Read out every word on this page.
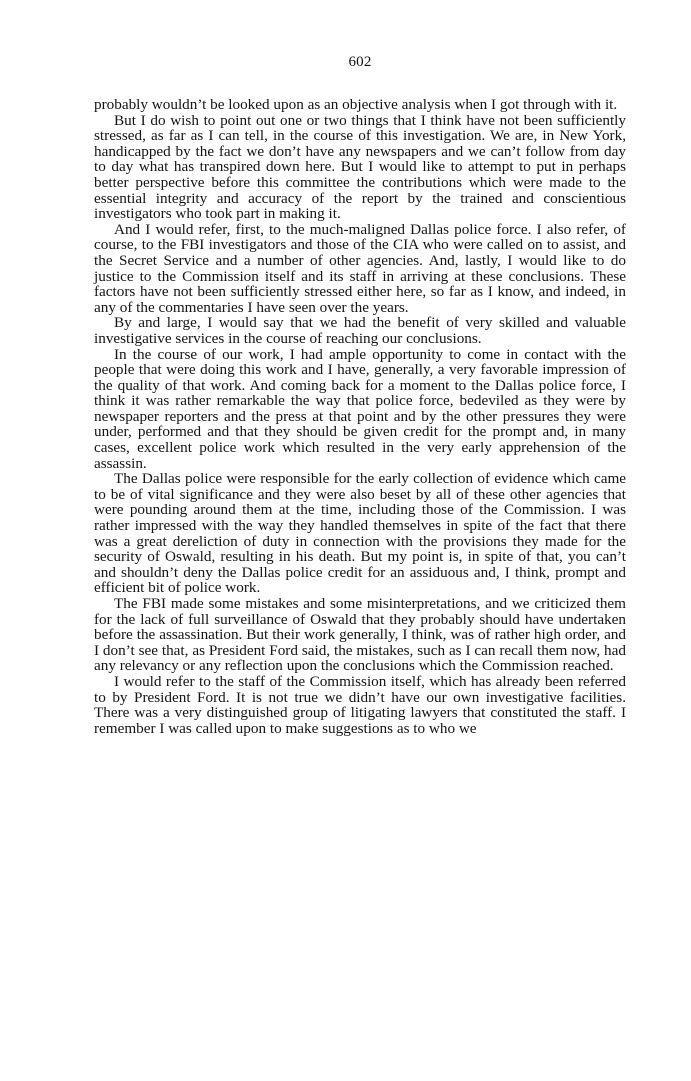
602

probably wouldn’t be looked upon as an objective analysis when I got through with it.

But I do wish to point out one or two things that I think have not been sufficiently stressed, as far as I can tell, in the course of this investigation. We are, in New York, handicapped by the fact we don’t have any newspapers and we can’t follow from day to day what has transpired down here. But I would like to attempt to put in perhaps better perspective before this committee the contributions which were made to the essential integrity and accuracy of the report by the trained and conscientious investigators who took part in making it.

And I would refer, first, to the much-maligned Dallas police force. I also refer, of course, to the FBI investigators and those of the CIA who were called on to assist, and the Secret Service and a number of other agencies. And, lastly, I would like to do justice to the Commission itself and its staff in arriving at these conclusions. These factors have not been sufficiently stressed either here, so far as I know, and indeed, in any of the commentaries I have seen over the years.

By and large, I would say that we had the benefit of very skilled and valuable investigative services in the course of reaching our conclusions.

In the course of our work, I had ample opportunity to come in contact with the people that were doing this work and I have, generally, a very favorable impression of the quality of that work. And coming back for a moment to the Dallas police force, I think it was rather remarkable the way that police force, bedeviled as they were by newspaper reporters and the press at that point and by the other pressures they were under, performed and that they should be given credit for the prompt and, in many cases, excellent police work which resulted in the very early apprehension of the assassin.

The Dallas police were responsible for the early collection of evidence which came to be of vital significance and they were also beset by all of these other agencies that were pounding around them at the time, including those of the Commission. I was rather impressed with the way they handled themselves in spite of the fact that there was a great dereliction of duty in connection with the provisions they made for the security of Oswald, resulting in his death. But my point is, in spite of that, you can’t and shouldn’t deny the Dallas police credit for an assiduous and, I think, prompt and efficient bit of police work.

The FBI made some mistakes and some misinterpretations, and we criticized them for the lack of full surveillance of Oswald that they probably should have undertaken before the assassination. But their work generally, I think, was of rather high order, and I don’t see that, as President Ford said, the mistakes, such as I can recall them now, had any relevancy or any reflection upon the conclusions which the Commission reached.

I would refer to the staff of the Commission itself, which has already been referred to by President Ford. It is not true we didn’t have our own investigative facilities. There was a very distinguished group of litigating lawyers that constituted the staff. I remember I was called upon to make suggestions as to who we
